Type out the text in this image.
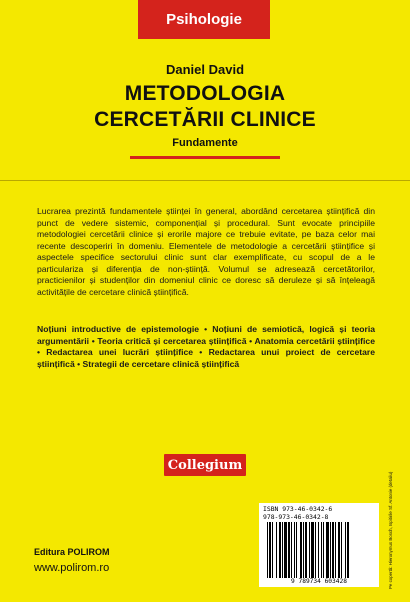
Psihologie
Daniel David
METODOLOGIA
CERCETĂRII CLINICE
Fundamente

Lucrarea prezintă fundamentele științei în general, abordând cercetarea științifică din punct de vedere sistemic, componențial și procedural. Sunt evocate principiile metodologiei cercetării clinice și erorile majore ce trebuie evitate, pe baza celor mai recente descoperiri în domeniu. Elementele de metodologie a cercetării științifice și aspectele specifice sectorului clinic sunt clar exemplificate, cu scopul de a le particulariza și diferenția de non-știință. Volumul se adresează cercetătorilor, practicienilor și studenților din domeniul clinic ce doresc să deruleze și să înțeleagă activitățile de cercetare clinică științifică.

Noțiuni introductive de epistemologie • Noțiuni de semiotică, logică și teoria argumentării • Teoria critică și cercetarea științifică • Anatomia cercetării științifice • Redactarea unei lucrări științifice • Redactarea unui proiect de cercetare științifică • Strategii de cercetare clinică științifică

Collegium
Editura POLIROM
www.polirom.ro
ISBN 973-46-0342-6
978-973-46-0342-8
9 789734 603428	Pe copertă: Hieronymus Bosch, Ispitirile Sf. Antonie (detaliu)
